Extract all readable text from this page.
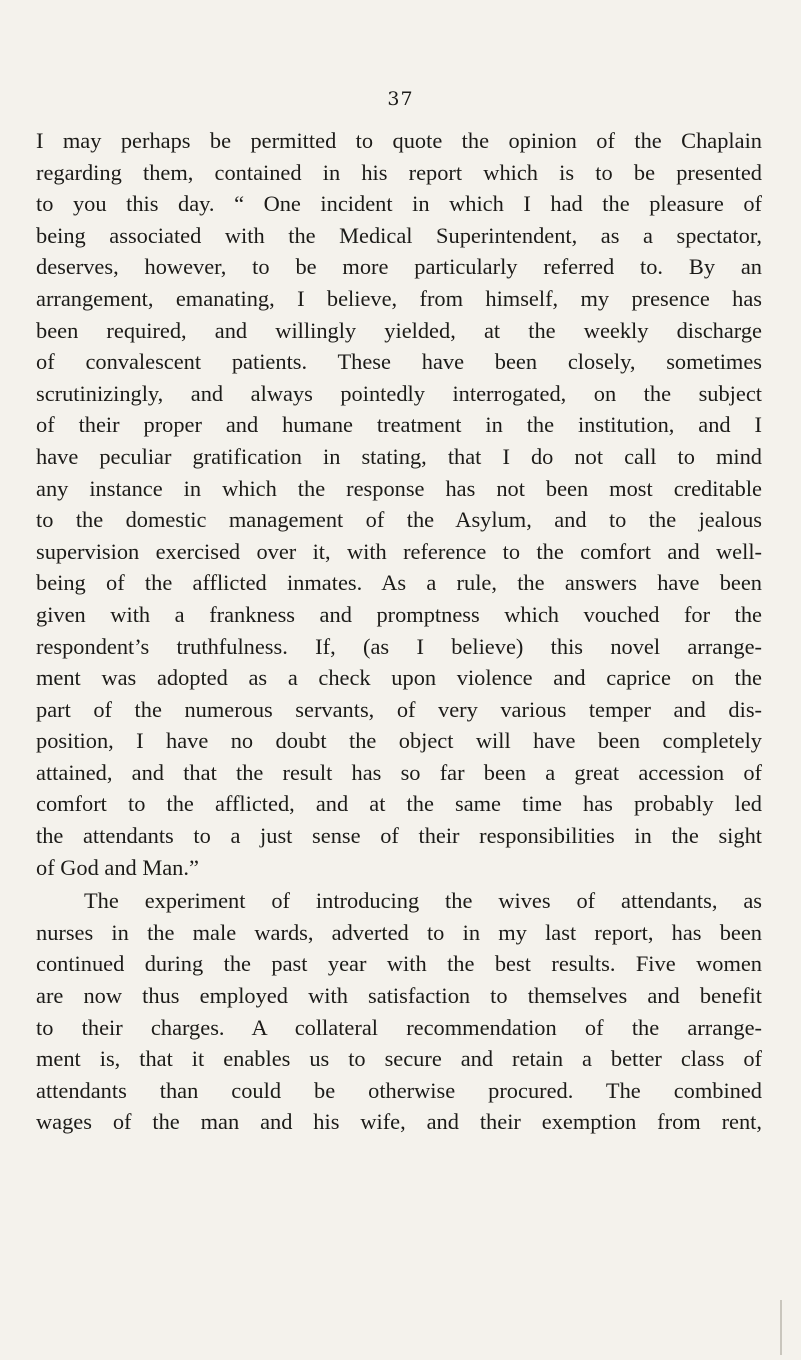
37
I may perhaps be permitted to quote the opinion of the Chaplain
regarding them, contained in his report which is to be presented
to you this day. “ One incident in which I had the pleasure of
being associated with the Medical Superintendent, as a spectator,
deserves, however, to be more particularly referred to. By an
arrangement, emanating, I believe, from himself, my presence has
been required, and willingly yielded, at the weekly discharge
of convalescent patients. These have been closely, sometimes
scrutinizingly, and always pointedly interrogated, on the subject
of their proper and humane treatment in the institution, and I
have peculiar gratification in stating, that I do not call to mind
any instance in which the response has not been most creditable
to the domestic management of the Asylum, and to the jealous
supervision exercised over it, with reference to the comfort and well-
being of the afflicted inmates. As a rule, the answers have been
given with a frankness and promptness which vouched for the
respondent’s truthfulness. If, (as I believe) this novel arrange-
ment was adopted as a check upon violence and caprice on the
part of the numerous servants, of very various temper and dis-
position, I have no doubt the object will have been completely
attained, and that the result has so far been a great accession of
comfort to the afflicted, and at the same time has probably led
the attendants to a just sense of their responsibilities in the sight
of God and Man.”
The experiment of introducing the wives of attendants, as
nurses in the male wards, adverted to in my last report, has been
continued during the past year with the best results. Five women
are now thus employed with satisfaction to themselves and benefit
to their charges. A collateral recommendation of the arrange-
ment is, that it enables us to secure and retain a better class of
attendants than could be otherwise procured. The combined
wages of the man and his wife, and their exemption from rent,
